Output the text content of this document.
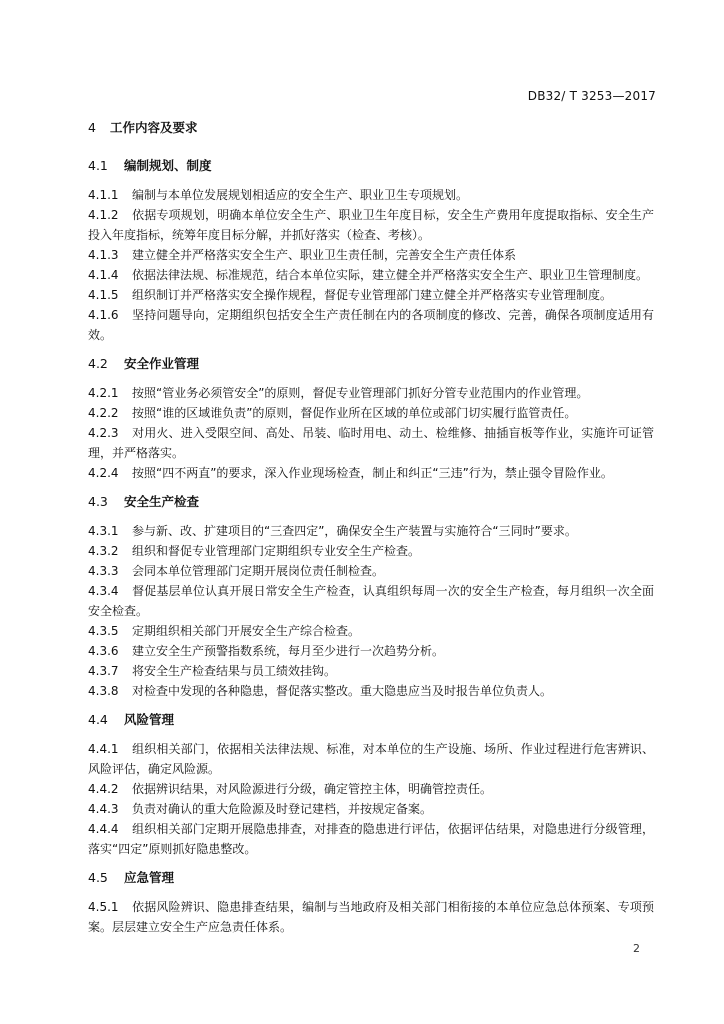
DB32/ T 3253—2017
4 工作内容及要求
4.1 编制规划、制度

4.1.1 编制与本单位发展规划相适应的安全生产、职业卫生专项规划。

4.1.2 依据专项规划，明确本单位安全生产、职业卫生年度目标，安全生产费用年度提取指标、安全生产投入年度指标，统筹年度目标分解，并抓好落实（检查、考核）。

4.1.3 建立健全并严格落实安全生产、职业卫生责任制，完善安全生产责任体系

4.1.4 依据法律法规、标准规范，结合本单位实际，建立健全并严格落实安全生产、职业卫生管理制度。

4.1.5 组织制订并严格落实安全操作规程，督促专业管理部门建立健全并严格落实专业管理制度。

4.1.6 坚持问题导向，定期组织包括安全生产责任制在内的各项制度的修改、完善，确保各项制度适用有效。

4.2 安全作业管理

4.2.1 按照“管业务必须管安全”的原则，督促专业管理部门抓好分管专业范围内的作业管理。

4.2.2 按照“谁的区域谁负责”的原则，督促作业所在区域的单位或部门切实履行监管责任。

4.2.3 对用火、进入受限空间、高处、吊装、临时用电、动土、检维修、抽插盲板等作业，实施许可证管理，并严格落实。

4.2.4 按照“四不两直”的要求，深入作业现场检查，制止和纠正“三违”行为，禁止强令冒险作业。

4.3 安全生产检查

4.3.1 参与新、改、扩建项目的“三查四定”，确保安全生产装置与实施符合“三同时”要求。

4.3.2 组织和督促专业管理部门定期组织专业安全生产检查。

4.3.3 会同本单位管理部门定期开展岗位责任制检查。

4.3.4 督促基层单位认真开展日常安全生产检查，认真组织每周一次的安全生产检查，每月组织一次全面安全检查。

4.3.5 定期组织相关部门开展安全生产综合检查。

4.3.6 建立安全生产预警指数系统，每月至少进行一次趋势分析。

4.3.7 将安全生产检查结果与员工绩效挂钩。

4.3.8 对检查中发现的各种隐患，督促落实整改。重大隐患应当及时报告单位负责人。

4.4 风险管理

4.4.1 组织相关部门，依据相关法律法规、标准，对本单位的生产设施、场所、作业过程进行危害辨识、风险评估，确定风险源。

4.4.2 依据辨识结果，对风险源进行分级，确定管控主体，明确管控责任。

4.4.3 负责对确认的重大危险源及时登记建档，并按规定备案。

4.4.4 组织相关部门定期开展隐患排查，对排查的隐患进行评估，依据评估结果，对隐患进行分级管理，落实“四定”原则抓好隐患整改。

4.5 应急管理

4.5.1 依据风险辨识、隐患排查结果，编制与当地政府及相关部门相衔接的本单位应急总体预案、专项预案。层层建立安全生产应急责任体系。

2
